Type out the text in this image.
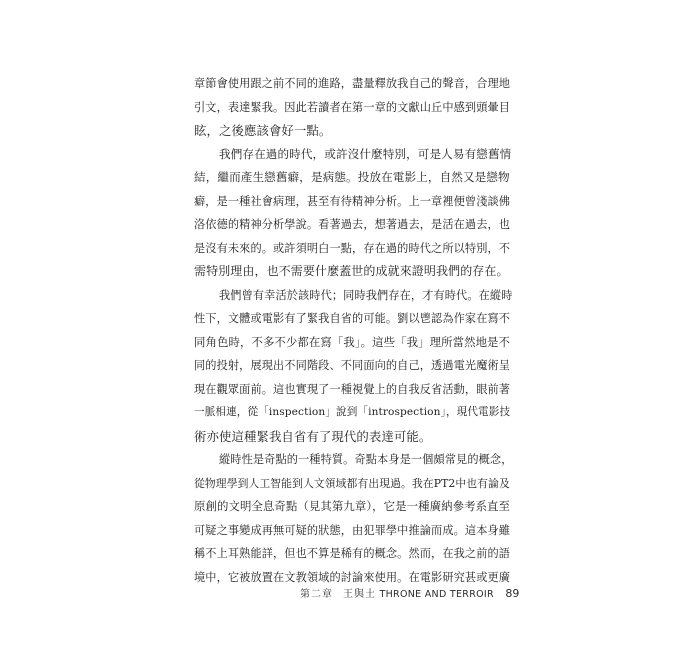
章節會使用跟之前不同的進路，盡量釋放我自己的聲音，合理地
引文，表達緊我。因此若讀者在第一章的文獻山丘中感到頭暈目
眩，之後應該會好一點。
我們存在過的時代，或許沒什麼特別，可是人易有戀舊情
結，繼而產生戀舊癖，是病態。投放在電影上，自然又是戀物
癖，是一種社會病理，甚至有待精神分析。上一章裡便曾淺談佛
洛依德的精神分析學說。看著過去，想著過去，是活在過去，也
是沒有未來的。或許須明白一點，存在過的時代之所以特別，不
需特別理由，也不需要什麼蓋世的成就來證明我們的存在。
我們曾有幸活於該時代；同時我們存在，才有時代。在縱時
性下，文體或電影有了緊我自省的可能。劉以鬯認為作家在寫不
同角色時，不多不少都在寫「我」。這些「我」理所當然地是不
同的投射，展現出不同階段、不同面向的自己，透過電光魔術呈
現在觀眾面前。這也實現了一種視覺上的自我反省活動，眼前著
一脈相連，從「inspection」說到「introspection」，現代電影技
術亦使這種緊我自省有了現代的表達可能。
縱時性是奇點的一種特質。奇點本身是一個頗常見的概念，
從物理學到人工智能到人文領域都有出現過。我在PT2中也有論及
原創的文明全息奇點（見其第九章），它是一種廣納參考系直至
可疑之事變成再無可疑的狀態，由犯罪學中推論而成。這本身雖
稱不上耳熟能詳，但也不算是稀有的概念。然而，在我之前的語
境中，它被放置在文教領域的討論來使用。在電影研究甚或更廣
第二章 王與土 THRONE AND TERROIR 89
